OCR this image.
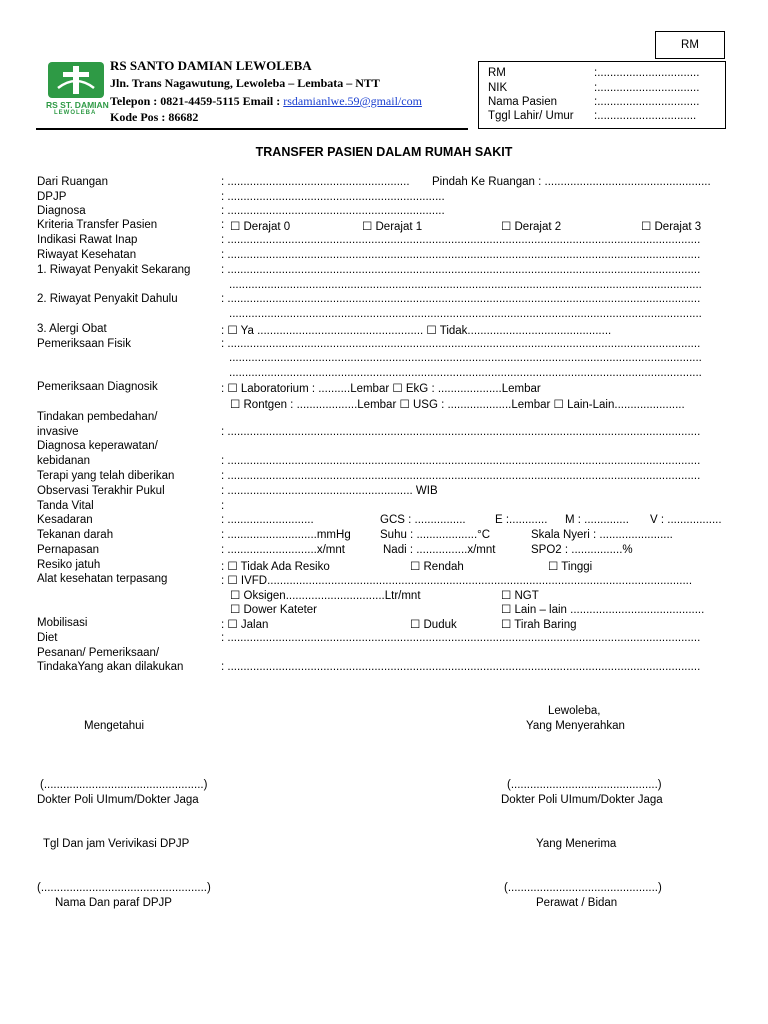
RS ST. DAMIAN
LEWOLEBA
RS SANTO DAMIAN LEWOLEBA
Jln. Trans Nagawutung, Lewoleba – Lembata – NTT
Telepon : 0821-4459-5115 Email : rsdamianlwe.59@gmail/com
Kode Pos : 86682
RM
RM	:................................
NIK	:................................
Nama Pasien	:................................
Tggl Lahir/ Umur :...............................
TRANSFER PASIEN DALAM RUMAH SAKIT
Dari Ruangan	: ......................................................... Pindah Ke Ruangan : ....................................................
DPJP	: ....................................................................
Diagnosa	: ....................................................................
Kriteria Transfer Pasien	: ☐ Derajat 0	☐ Derajat 1	☐ Derajat 2	☐ Derajat 3
Indikasi Rawat Inap	: ....................................................................................................................................................
Riwayat Kesehatan	: ....................................................................................................................................................
1. Riwayat Penyakit Sekarang	: ....................................................................................................................................................
....................................................................................................................................................
2. Riwayat Penyakit Dahulu	: ....................................................................................................................................................
....................................................................................................................................................
3. Alergi Obat	: ☐ Ya .................................................... ☐ Tidak.............................................
Pemeriksaan Fisik	: ....................................................................................................................................................
....................................................................................................................................................
....................................................................................................................................................
Pemeriksaan Diagnosik	: ☐ Laboratorium : ..........Lembar ☐ EkG : ....................Lembar
☐ Rontgen : ...................Lembar ☐ USG : ....................Lembar ☐ Lain-Lain......................
Tindakan pembedahan/
invasive	: ....................................................................................................................................................
Diagnosa keperawatan/
kebidanan	: ....................................................................................................................................................
Terapi yang telah diberikan	: ....................................................................................................................................................
Observasi Terakhir Pukul	: .......................................................... WIB
Tanda Vital	:
Kesadaran	: ...........................	GCS : ................	E :............ M : .............. V : .................
Tekanan darah	: ............................mmHg	Suhu : ...................°C	Skala Nyeri : .......................
Pernapasan	: ............................x/mnt	Nadi : ................x/mnt	SPO2 : ................%
Resiko jatuh	: ☐ Tidak Ada Resiko	☐ Rendah	☐ Tinggi
Alat kesehatan terpasang	: ☐ IVFD.....................................................................................................................................
☐ Oksigen...............................Ltr/mnt	☐ NGT
☐ Dower Kateter	☐ Lain – lain ..........................................
Mobilisasi	: ☐ Jalan	☐ Duduk	☐ Tirah Baring
Diet	: ....................................................................................................................................................
Pesanan/ Pemeriksaan/
TindakaYang akan dilakukan	: ....................................................................................................................................................
Lewoleba,
Mengetahui	Yang Menyerahkan
(..................................................)	(..............................................)
Dokter Poli UImum/Dokter Jaga	Dokter Poli UImum/Dokter Jaga
Tgl Dan jam Verivikasi DPJP	Yang Menerima
(....................................................)	(...............................................)
Nama Dan paraf DPJP	Perawat / Bidan
